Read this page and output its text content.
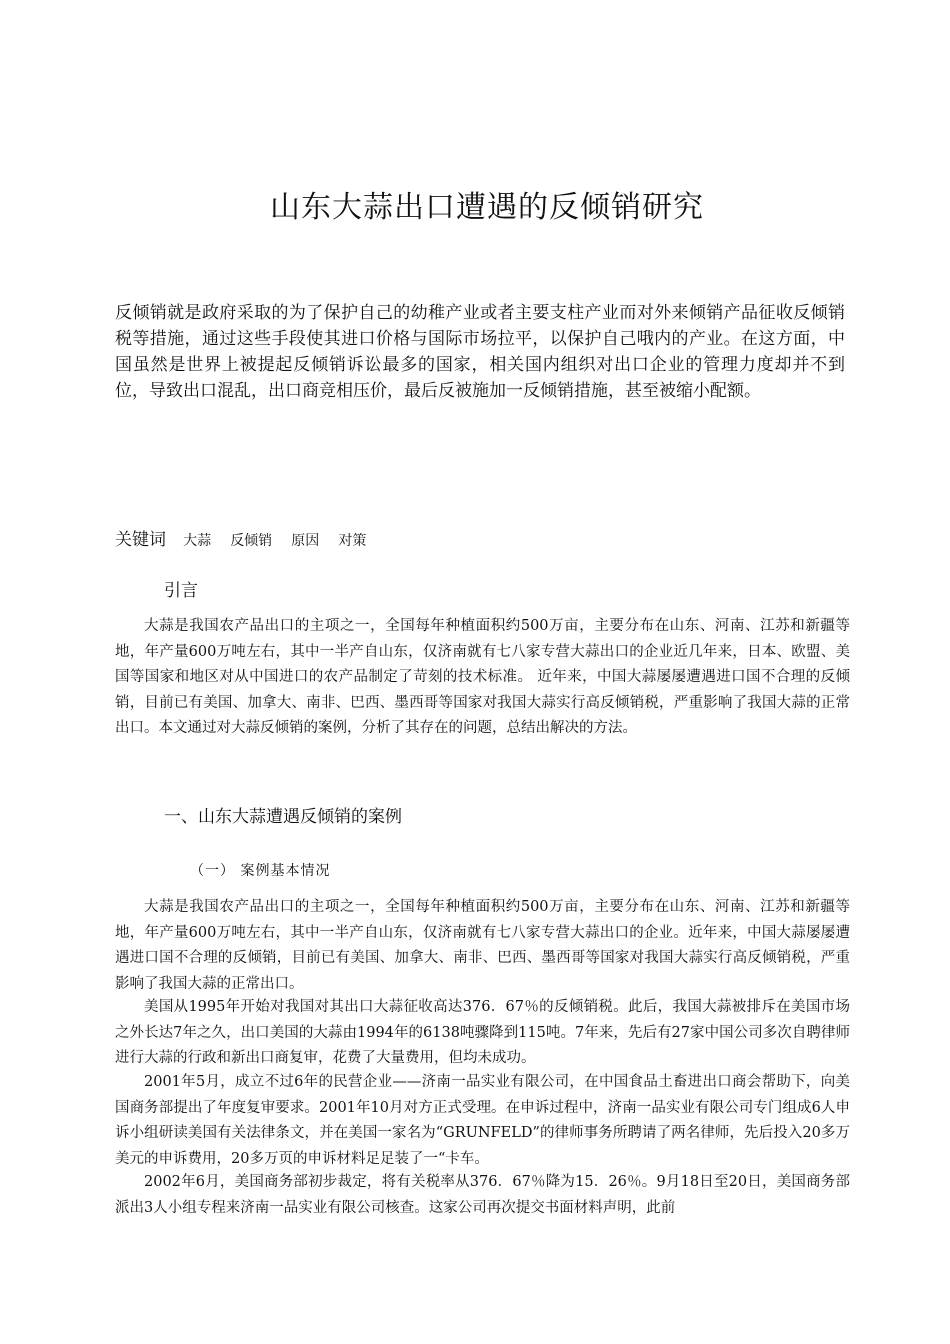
山东大蒜出口遭遇的反倾销研究

反倾销就是政府采取的为了保护自己的幼稚产业或者主要支柱产业而对外来倾销产品征收反倾销税等措施，通过这些手段使其进口价格与国际市场拉平，以保护自己哦内的产业。在这方面，中国虽然是世界上被提起反倾销诉讼最多的国家，相关国内组织对出口企业的管理力度却并不到位，导致出口混乱，出口商竞相压价，最后反被施加一反倾销措施，甚至被缩小配额。

关键词 大蒜 反倾销 原因 对策

引言

大蒜是我国农产品出口的主项之一，全国每年种植面积约500万亩，主要分布在山东、河南、江苏和新疆等地，年产量600万吨左右，其中一半产自山东，仅济南就有七八家专营大蒜出口的企业近几年来，日本、欧盟、美国等国家和地区对从中国进口的农产品制定了苛刻的技术标准。 近年来，中国大蒜屡屡遭遇进口国不合理的反倾销，目前已有美国、加拿大、南非、巴西、墨西哥等国家对我国大蒜实行高反倾销税，严重影响了我国大蒜的正常出口。本文通过对大蒜反倾销的案例，分析了其存在的问题，总结出解决的方法。

一、山东大蒜遭遇反倾销的案例
（一） 案例基本情况

大蒜是我国农产品出口的主项之一，全国每年种植面积约500万亩，主要分布在山东、河南、江苏和新疆等地，年产量600万吨左右，其中一半产自山东，仅济南就有七八家专营大蒜出口的企业。近年来，中国大蒜屡屡遭遇进口国不合理的反倾销，目前已有美国、加拿大、南非、巴西、墨西哥等国家对我国大蒜实行高反倾销税，严重影响了我国大蒜的正常出口。

美国从1995年开始对我国对其出口大蒜征收高达376．67％的反倾销税。此后，我国大蒜被排斥在美国市场之外长达7年之久，出口美国的大蒜由1994年的6138吨骤降到115吨。7年来，先后有27家中国公司多次自聘律师进行大蒜的行政和新出口商复审，花费了大量费用，但均未成功。

2001年5月，成立不过6年的民营企业——济南一品实业有限公司，在中国食品土畜进出口商会帮助下，向美国商务部提出了年度复审要求。2001年10月对方正式受理。在申诉过程中，济南一品实业有限公司专门组成6人申诉小组研读美国有关法律条文，并在美国一家名为“GRUNFELD”的律师事务所聘请了两名律师，先后投入20多万美元的申诉费用，20多万页的申诉材料足足装了一“卡车。

2002年6月，美国商务部初步裁定，将有关税率从376．67％降为15．26％。9月18日至20日，美国商务部派出3人小组专程来济南一品实业有限公司核查。这家公司再次提交书面材料声明，此前
